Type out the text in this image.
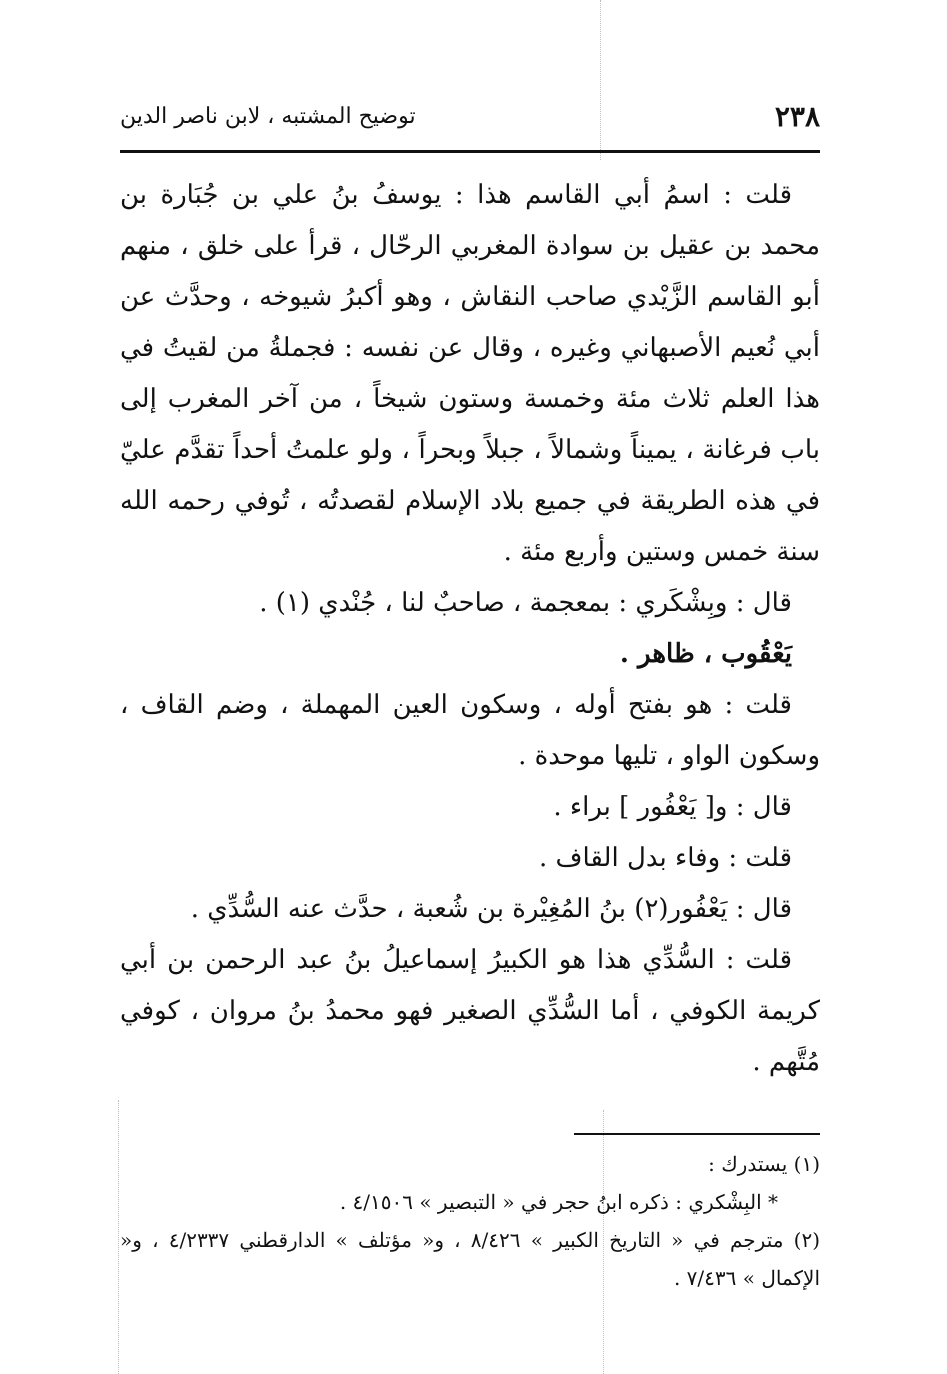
٢٣٨
توضيح المشتبه ، لابن ناصر الدين

قلت : اسمُ أبي القاسم هذا : يوسفُ بنُ علي بن جُبَارة بن محمد بن عقيل بن سوادة المغربي الرحّال ، قرأ على خلق ، منهم أبو القاسم الزَّيْدي صاحب النقاش ، وهو أكبرُ شيوخه ، وحدَّث عن أبي نُعيم الأصبهاني وغيره ، وقال عن نفسه : فجملةُ من لقيتُ في هذا العلم ثلاث مئة وخمسة وستون شيخاً ، من آخر المغرب إلى باب فرغانة ، يميناً وشمالاً ، جبلاً وبحراً ، ولو علمتُ أحداً تقدَّم عليّ في هذه الطريقة في جميع بلاد الإسلام لقصدتُه ، تُوفي رحمه الله سنة خمس وستين وأربع مئة .

قال : وبِشْكَري : بمعجمة ، صاحبٌ لنا ، جُنْدي (١) .

يَعْقُوب ، ظاهر .

قلت : هو بفتح أوله ، وسكون العين المهملة ، وضم القاف ، وسكون الواو ، تليها موحدة .

قال : و[ يَعْفُور ] براء .

قلت : وفاء بدل القاف .

قال : يَعْفُور(٢) بنُ المُغِيْرة بن شُعبة ، حدَّث عنه السُّدِّي .

قلت : السُّدِّي هذا هو الكبيرُ إسماعيلُ بنُ عبد الرحمن بن أبي كريمة الكوفي ، أما السُّدِّي الصغير فهو محمدُ بنُ مروان ، كوفي مُتَّهم .

(١) يستدرك :

* البِشْكري : ذكره ابنُ حجر في « التبصير » ٤/١٥٠٦ .

(٢) مترجم في « التاريخ الكبير » ٨/٤٢٦ ، و« مؤتلف » الدارقطني ٤/٢٣٣٧ ، و« الإكمال » ٧/٤٣٦ .
